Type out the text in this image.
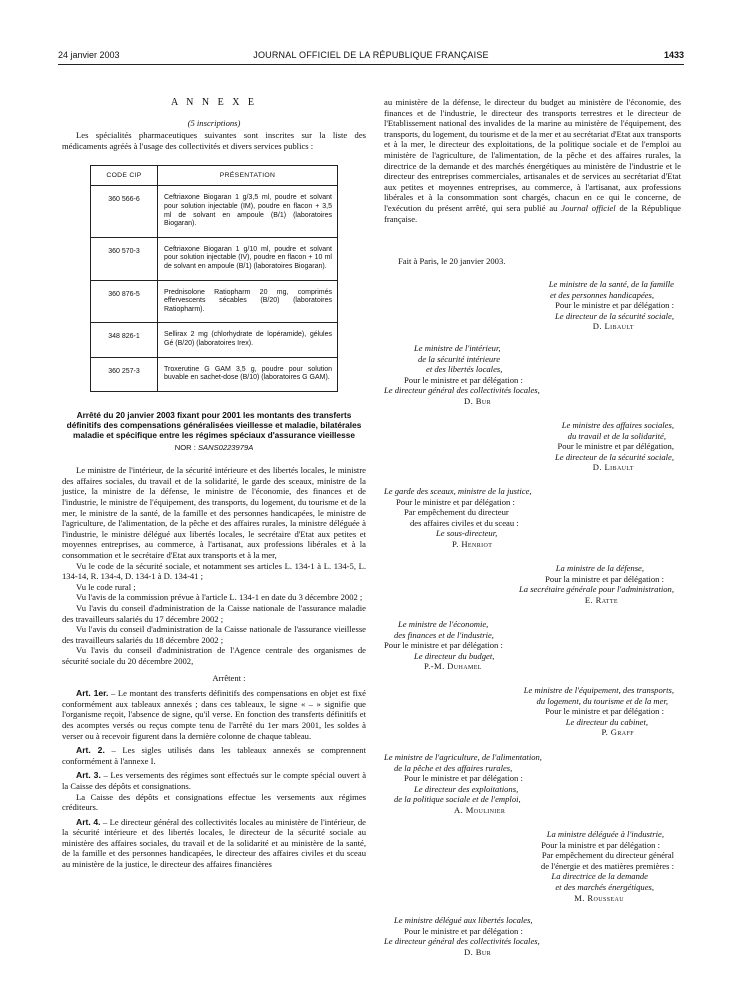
24 janvier 2003	JOURNAL OFFICIEL DE LA RÉPUBLIQUE FRANÇAISE	1433
A N N E X E
(5 inscriptions)

Les spécialités pharmaceutiques suivantes sont inscrites sur la liste des médicaments agréés à l'usage des collectivités et divers services publics :

CODE CIP	PRÉSENTATION
360 566-6	Ceftriaxone Biogaran 1 g/3,5 ml, poudre et solvant pour solution injectable (IM), poudre en flacon + 3,5 ml de solvant en ampoule (B/1) (laboratoires Biogaran).
360 570-3	Ceftriaxone Biogaran 1 g/10 ml, poudre et solvant pour solution injectable (IV), poudre en flacon + 10 ml de solvant en ampoule (B/1) (laboratoires Biogaran).
360 876-5	Prednisolone Ratiopharm 20 mg, comprimés effervescents sécables (B/20) (laboratoires Ratiopharm).
348 826-1	Sellirax 2 mg (chlorhydrate de lopéramide), gélules Gé (B/20) (laboratoires Irex).
360 257-3	Troxerutine G GAM 3,5 g, poudre pour solution buvable en sachet-dose (B/10) (laboratoires G GAM).
Arrêté du 20 janvier 2003 fixant pour 2001 les montants des transferts définitifs des compensations généralisées vieillesse et maladie, bilatérales maladie et spécifique entre les régimes spéciaux d'assurance vieillesse
NOR : SANS0223979A

Le ministre de l'intérieur, de la sécurité intérieure et des libertés locales, le ministre des affaires sociales, du travail et de la solidarité, le garde des sceaux, ministre de la justice, la ministre de la défense, le ministre de l'économie, des finances et de l'industrie, le ministre de l'équipement, des transports, du logement, du tourisme et de la mer, le ministre de la santé, de la famille et des personnes handicapées, le ministre de l'agriculture, de l'alimentation, de la pêche et des affaires rurales, la ministre déléguée à l'industrie, le ministre délégué aux libertés locales, le secrétaire d'Etat aux petites et moyennes entreprises, au commerce, à l'artisanat, aux professions libérales et à la consommation et le secrétaire d'Etat aux transports et à la mer,

Vu le code de la sécurité sociale, et notamment ses articles L. 134-1 à L. 134-5, L. 134-14, R. 134-4, D. 134-1 à D. 134-41 ;

Vu le code rural ;

Vu l'avis de la commission prévue à l'article L. 134-1 en date du 3 décembre 2002 ;

Vu l'avis du conseil d'administration de la Caisse nationale de l'assurance maladie des travailleurs salariés du 17 décembre 2002 ;

Vu l'avis du conseil d'administration de la Caisse nationale de l'assurance vieillesse des travailleurs salariés du 18 décembre 2002 ;

Vu l'avis du conseil d'administration de l'Agence centrale des organismes de sécurité sociale du 20 décembre 2002,

Arrêtent :

Art. 1er. – Le montant des transferts définitifs des compensations en objet est fixé conformément aux tableaux annexés ; dans ces tableaux, le signe « – » signifie que l'organisme reçoit, l'absence de signe, qu'il verse. En fonction des transferts définitifs et des acomptes versés ou reçus compte tenu de l'arrêté du 1er mars 2001, les soldes à verser ou à recevoir figurent dans la dernière colonne de chaque tableau.

Art. 2. – Les sigles utilisés dans les tableaux annexés se comprennent conformément à l'annexe I.

Art. 3. – Les versements des régimes sont effectués sur le compte spécial ouvert à la Caisse des dépôts et consignations.

La Caisse des dépôts et consignations effectue les versements aux régimes créditeurs.

Art. 4. – Le directeur général des collectivités locales au ministère de l'intérieur, de la sécurité intérieure et des libertés locales, le directeur de la sécurité sociale au ministère des affaires sociales, du travail et de la solidarité et au ministère de la santé, de la famille et des personnes handicapées, le directeur des affaires civiles et du sceau au ministère de la justice, le directeur des affaires financières

au ministère de la défense, le directeur du budget au ministère de l'économie, des finances et de l'industrie, le directeur des transports terrestres et le directeur de l'Etablissement national des invalides de la marine au ministère de l'équipement, des transports, du logement, du tourisme et de la mer et au secrétariat d'Etat aux transports et à la mer, le directeur des exploitations, de la politique sociale et de l'emploi au ministère de l'agriculture, de l'alimentation, de la pêche et des affaires rurales, la directrice de la demande et des marchés énergétiques au ministère de l'industrie et le directeur des entreprises commerciales, artisanales et de services au secrétariat d'Etat aux petites et moyennes entreprises, au commerce, à l'artisanat, aux professions libérales et à la consommation sont chargés, chacun en ce qui le concerne, de l'exécution du présent arrêté, qui sera publié au Journal officiel de la République française.

Fait à Paris, le 20 janvier 2003.
Le ministre de la santé, de la famille
et des personnes handicapées,
Pour le ministre et par délégation :
Le directeur de la sécurité sociale,
D. Libault
Le ministre de l'intérieur,
de la sécurité intérieure
et des libertés locales,
Pour le ministre et par délégation :
Le directeur général des collectivités locales,
D. Bur
Le ministre des affaires sociales,
du travail et de la solidarité,
Pour le ministre et par délégation,
Le directeur de la sécurité sociale,
D. Libault
Le garde des sceaux, ministre de la justice,
Pour le ministre et par délégation :
Par empêchement du directeur
des affaires civiles et du sceau :
Le sous-directeur,
P. Henriot
La ministre de la défense,
Pour la ministre et par délégation :
La secrétaire générale pour l'administration,
E. Ratte
Le ministre de l'économie,
des finances et de l'industrie,
Pour le ministre et par délégation :
Le directeur du budget,
P.-M. Duhamel
Le ministre de l'équipement, des transports,
du logement, du tourisme et de la mer,
Pour le ministre et par délégation :
Le directeur du cabinet,
P. Graff
Le ministre de l'agriculture, de l'alimentation,
de la pêche et des affaires rurales,
Pour le ministre et par délégation :
Le directeur des exploitations,
de la politique sociale et de l'emploi,
A. Moulinier
La ministre déléguée à l'industrie,
Pour la ministre et par délégation :
Par empêchement du directeur général
de l'énergie et des matières premières :
La directrice de la demande
et des marchés énergétiques,
M. Rousseau
Le ministre délégué aux libertés locales,
Pour le ministre et par délégation :
Le directeur général des collectivités locales,
D. Bur
